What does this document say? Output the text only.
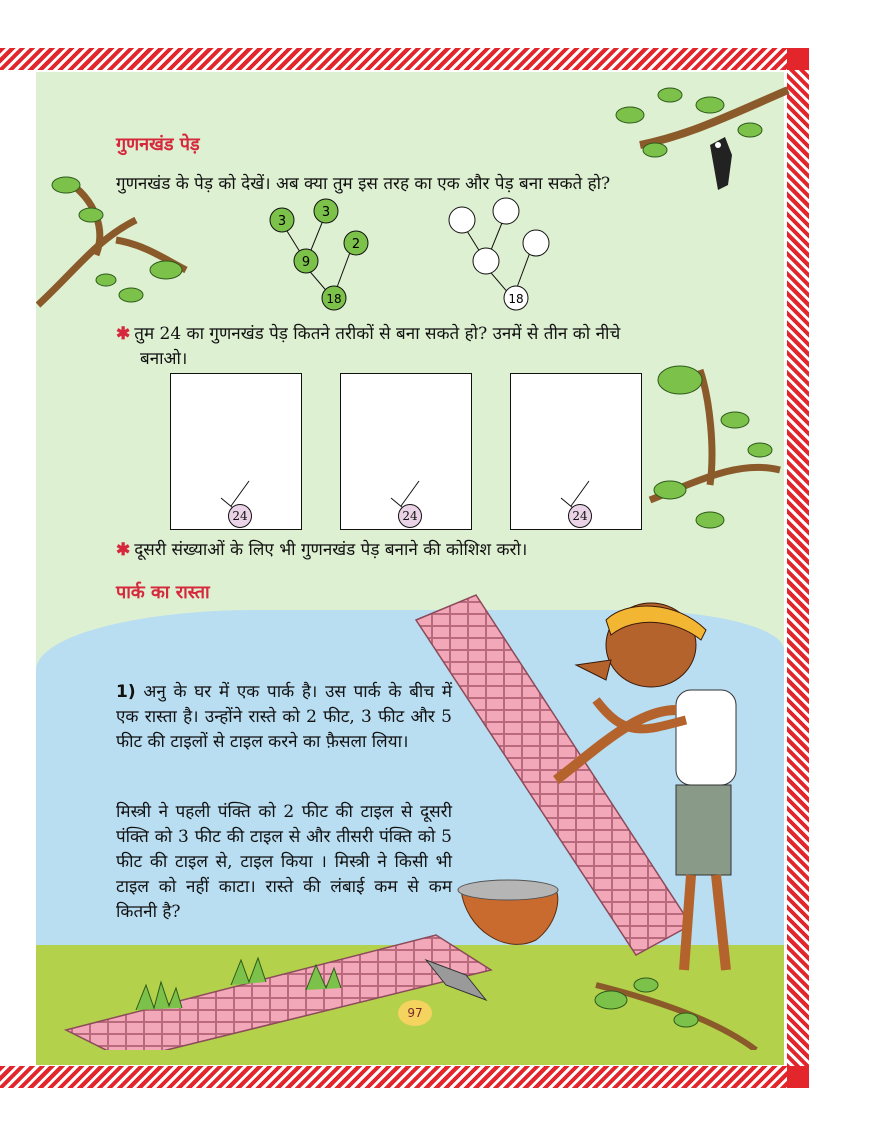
गुणनखंड पेड़
गुणनखंड के पेड़ को देखें। अब क्या तुम इस तरह का एक और पेड़ बना सकते हो?
3
3
9
2
18	18
✱ तुम 24 का गुणनखंड पेड़ कितने तरीकों से बना सकते हो? उनमें से तीन को नीचे
बनाओ।
24	24	24
✱ दूसरी संख्याओं के लिए भी गुणनखंड पेड़ बनाने की कोशिश करो।
पार्क का रास्ता
1) अनु के घर में एक पार्क है। उस पार्क के बीच में एक रास्ता है। उन्होंने रास्ते को 2 फीट, 3 फीट और 5 फीट की टाइलों से टाइल करने का फ़ैसला लिया।
मिस्त्री ने पहली पंक्ति को 2 फीट की टाइल से दूसरी पंक्ति को 3 फीट की टाइल से और तीसरी पंक्ति को 5 फीट की टाइल से, टाइल किया । मिस्त्री ने किसी भी टाइल को नहीं काटा। रास्ते की लंबाई कम से कम कितनी है?
97
